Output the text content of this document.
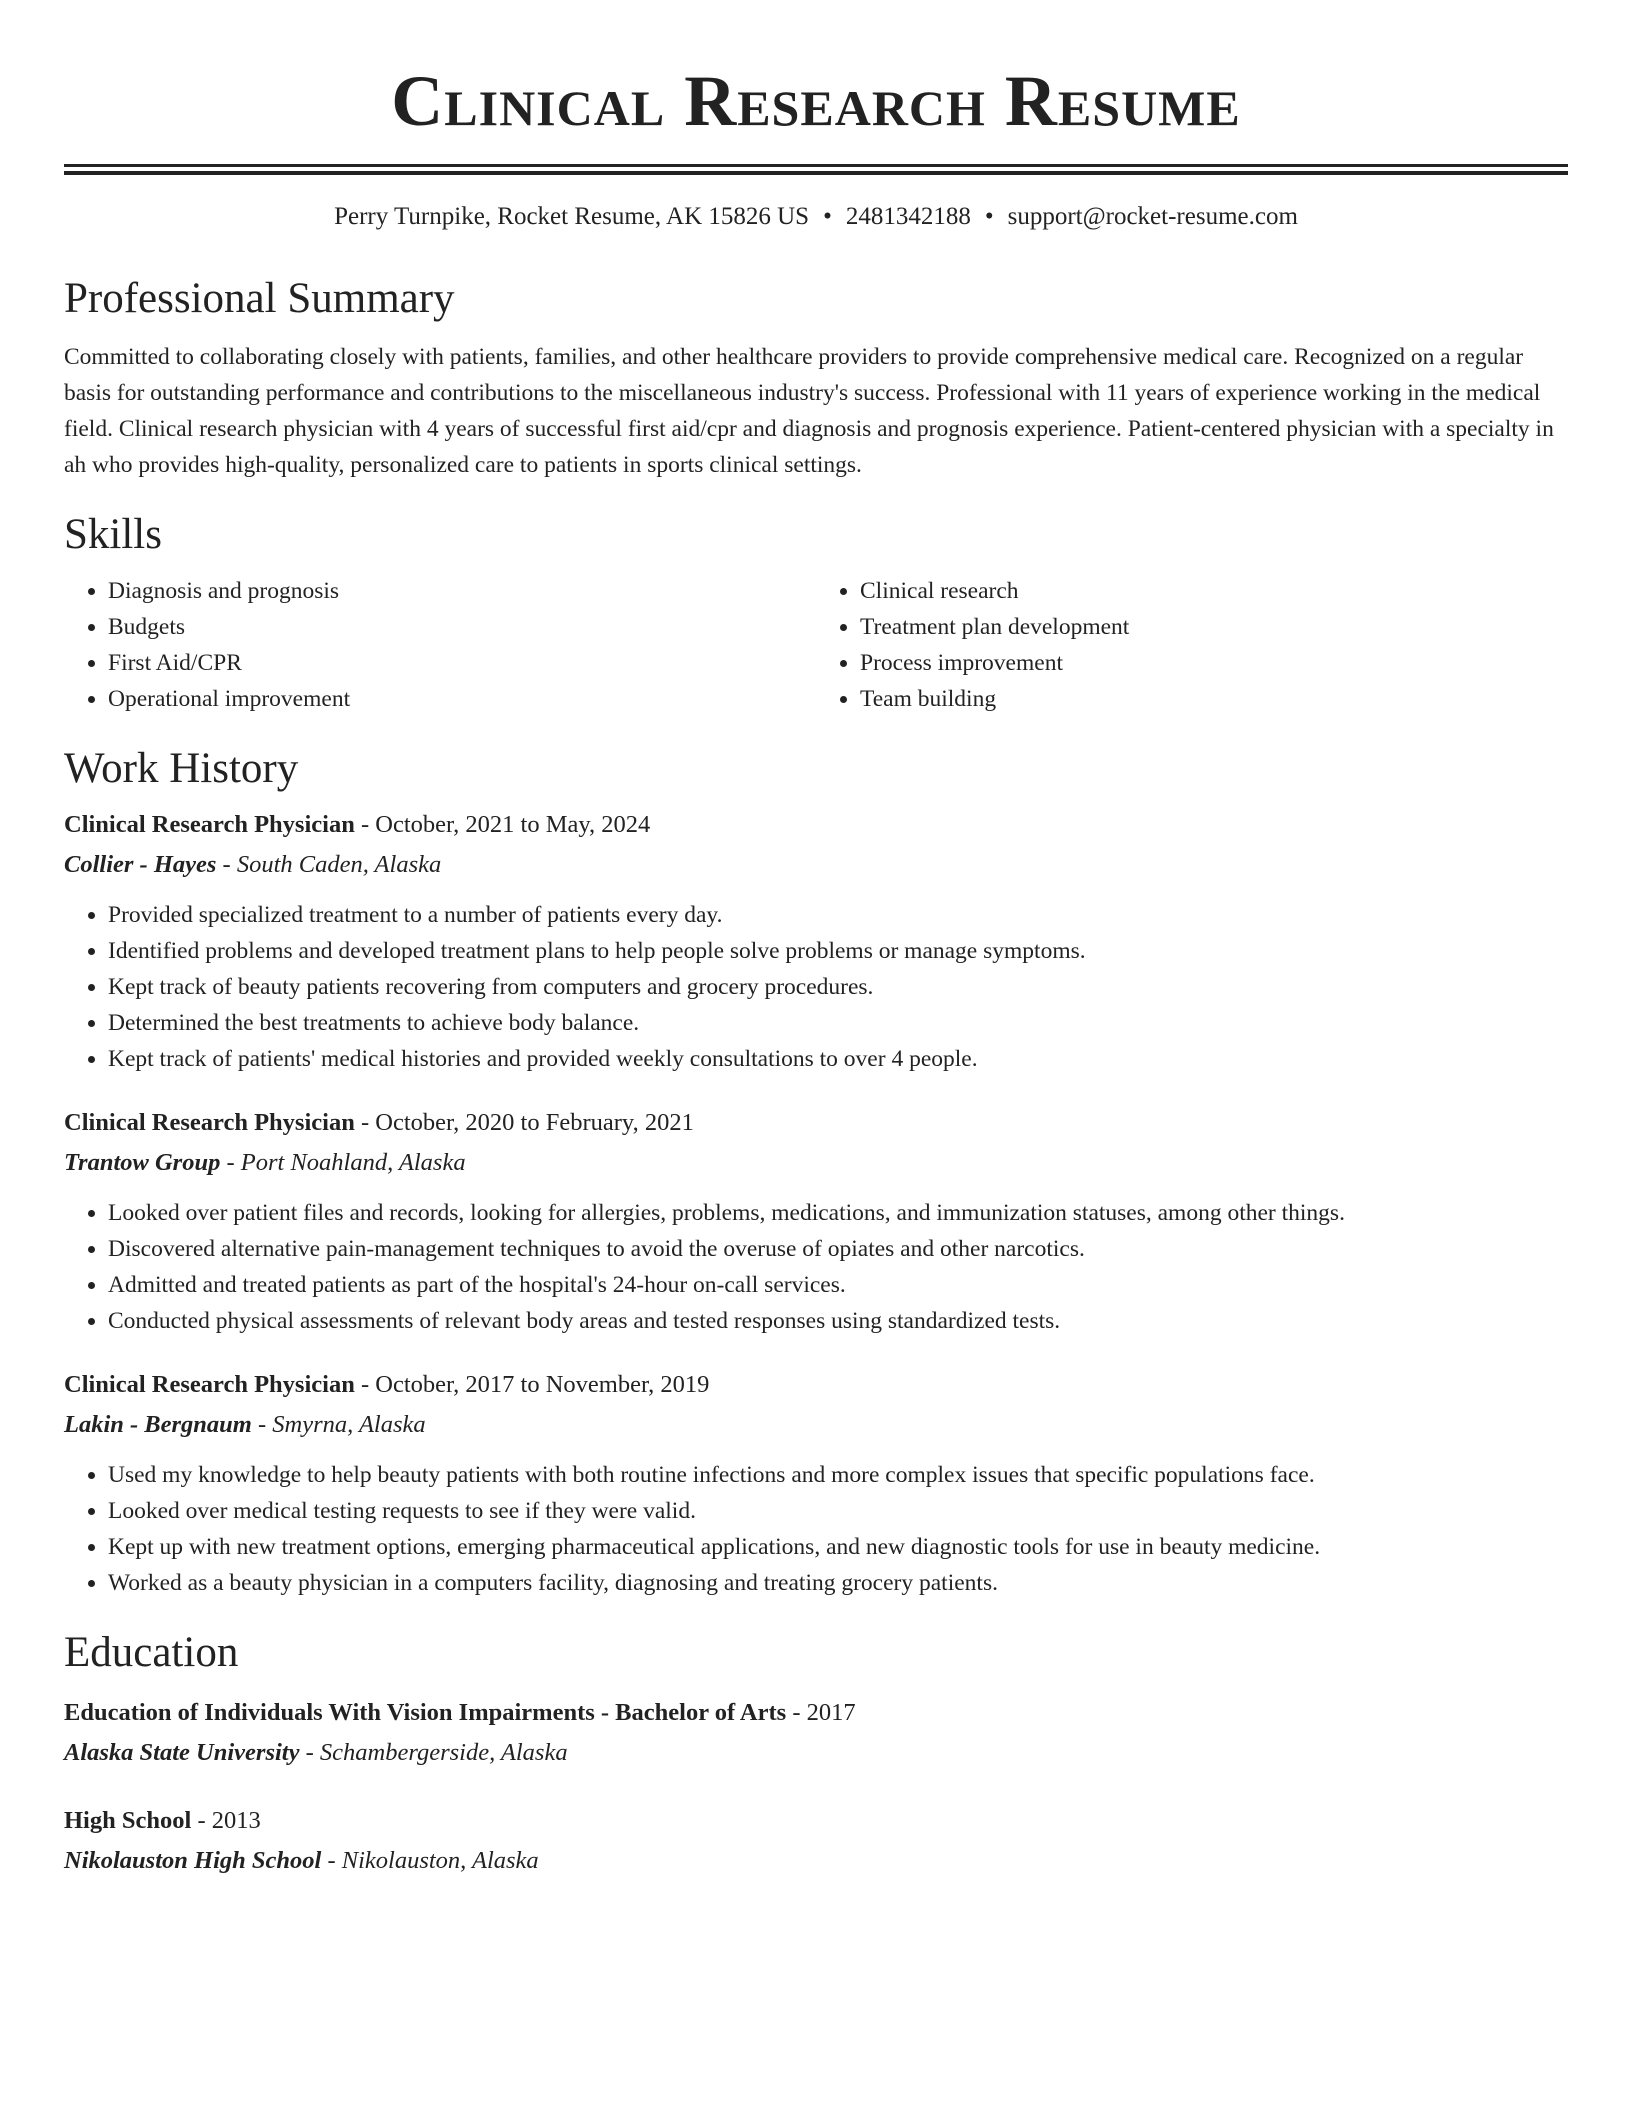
Clinical Research Resume
Perry Turnpike, Rocket Resume, AK 15826 US • 2481342188 • support@rocket-resume.com
Professional Summary

Committed to collaborating closely with patients, families, and other healthcare providers to provide comprehensive medical care. Recognized on a regular basis for outstanding performance and contributions to the miscellaneous industry's success. Professional with 11 years of experience working in the medical field. Clinical research physician with 4 years of successful first aid/cpr and diagnosis and prognosis experience. Patient-centered physician with a specialty in ah who provides high-quality, personalized care to patients in sports clinical settings.

Skills
• Diagnosis and prognosis
• Budgets
• First Aid/CPR
• Operational improvement
• Clinical research
• Treatment plan development
• Process improvement
• Team building
Work History
Clinical Research Physician - October, 2021 to May, 2024
Collier - Hayes - South Caden, Alaska
• Provided specialized treatment to a number of patients every day.
• Identified problems and developed treatment plans to help people solve problems or manage symptoms.
• Kept track of beauty patients recovering from computers and grocery procedures.
• Determined the best treatments to achieve body balance.
• Kept track of patients' medical histories and provided weekly consultations to over 4 people.
Clinical Research Physician - October, 2020 to February, 2021
Trantow Group - Port Noahland, Alaska
• Looked over patient files and records, looking for allergies, problems, medications, and immunization statuses, among other things.
• Discovered alternative pain-management techniques to avoid the overuse of opiates and other narcotics.
• Admitted and treated patients as part of the hospital's 24-hour on-call services.
• Conducted physical assessments of relevant body areas and tested responses using standardized tests.
Clinical Research Physician - October, 2017 to November, 2019
Lakin - Bergnaum - Smyrna, Alaska
• Used my knowledge to help beauty patients with both routine infections and more complex issues that specific populations face.
• Looked over medical testing requests to see if they were valid.
• Kept up with new treatment options, emerging pharmaceutical applications, and new diagnostic tools for use in beauty medicine.
• Worked as a beauty physician in a computers facility, diagnosing and treating grocery patients.
Education
Education of Individuals With Vision Impairments - Bachelor of Arts - 2017
Alaska State University - Schambergerside, Alaska
High School - 2013
Nikolauston High School - Nikolauston, Alaska
